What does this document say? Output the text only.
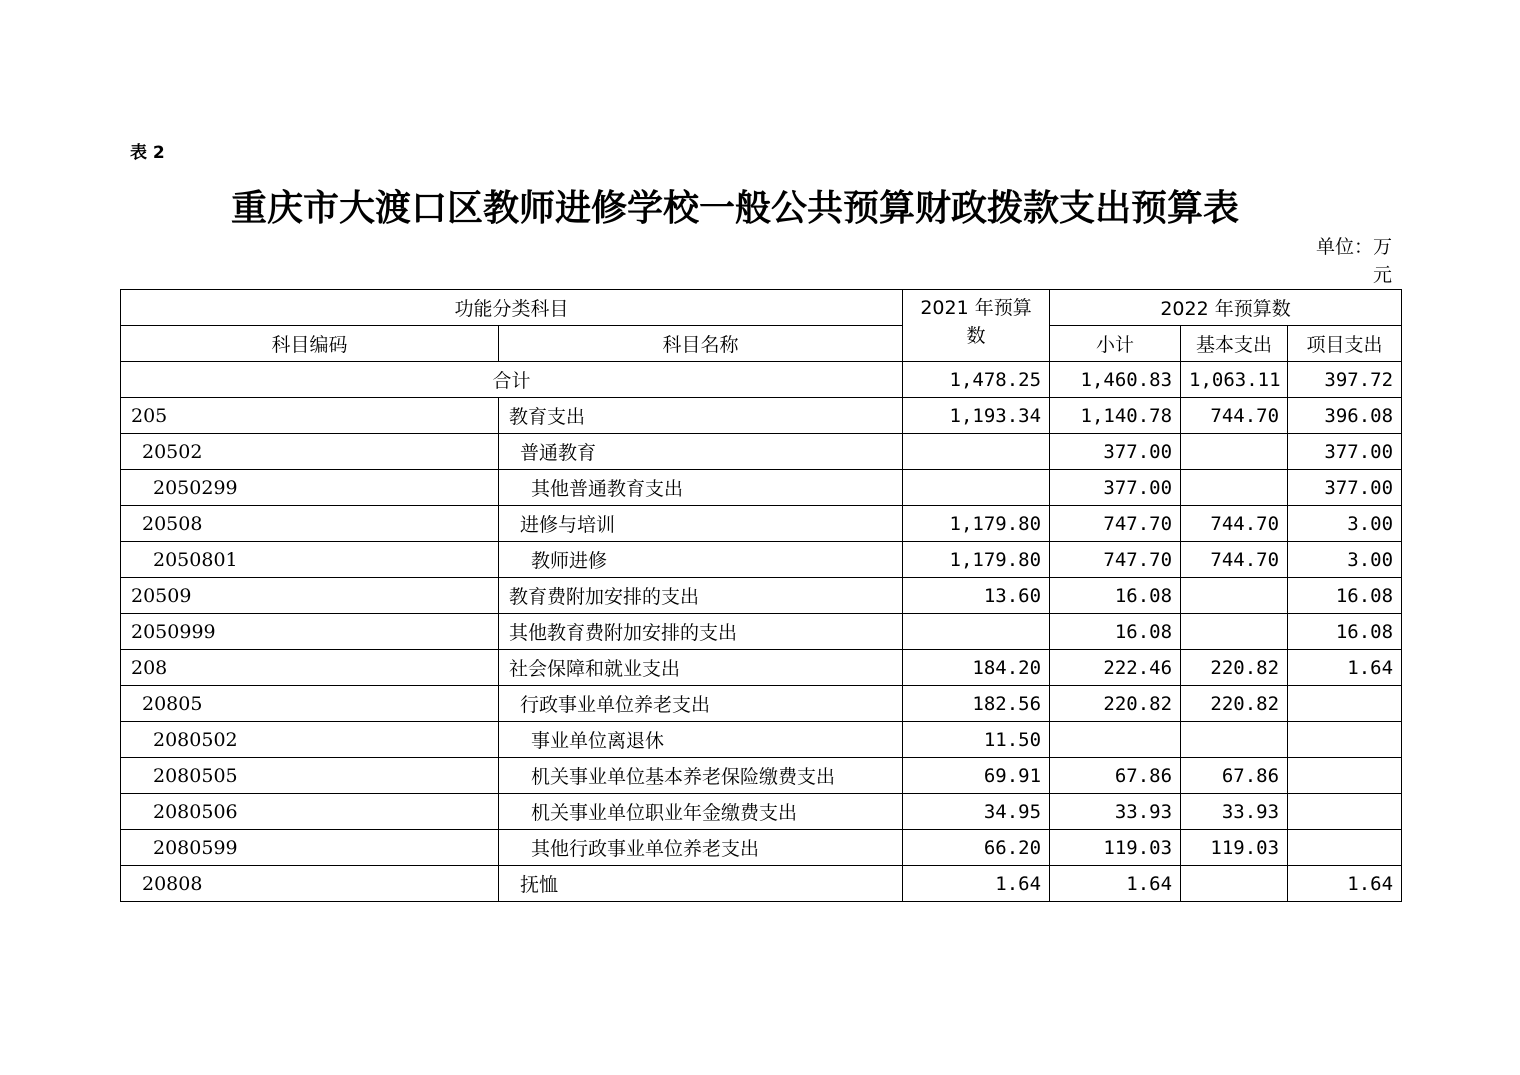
表 2
重庆市大渡口区教师进修学校一般公共预算财政拨款支出预算表
单位：万元
功能分类科目		2021 年预算数	2022 年预算数		
科目编码	科目名称		小计	基本支出	项目支出
合计		1,478.25	1,460.83	1,063.11	397.72
205	教育支出	1,193.34	1,140.78	744.70	396.08
20502	普通教育		377.00		377.00
2050299	其他普通教育支出		377.00		377.00
20508	进修与培训	1,179.80	747.70	744.70	3.00
2050801	教师进修	1,179.80	747.70	744.70	3.00
20509	教育费附加安排的支出	13.60	16.08		16.08
2050999	其他教育费附加安排的支出		16.08		16.08
208	社会保障和就业支出	184.20	222.46	220.82	1.64
20805	行政事业单位养老支出	182.56	220.82	220.82	
2080502	事业单位离退休	11.50			
2080505	机关事业单位基本养老保险缴费支出	69.91	67.86	67.86	
2080506	机关事业单位职业年金缴费支出	34.95	33.93	33.93	
2080599	其他行政事业单位养老支出	66.20	119.03	119.03	
20808	抚恤	1.64	1.64		1.64
